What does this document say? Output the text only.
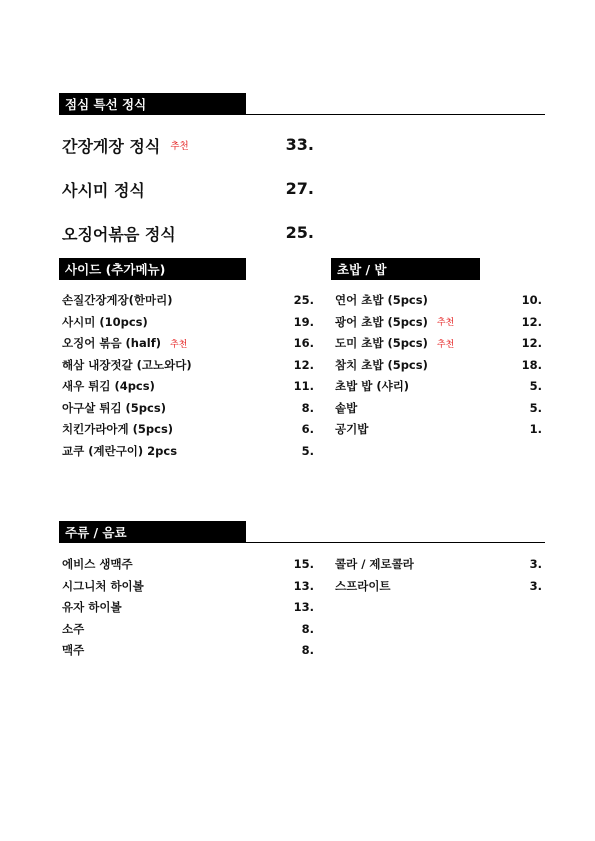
점심 특선 정식
간장게장 정식 추천	33.
사시미 정식	27.
오징어볶음 정식	25.
사이드 (추가메뉴)
손질간장게장(한마리)	25.
사시미 (10pcs)	19.
오징어 볶음 (half) 추천	16.
해삼 내장젓갈 (고노와다)	12.
새우 튀김 (4pcs)	11.
아구살 튀김 (5pcs)	8.
치킨가라아게 (5pcs)	6.
교쿠 (계란구이) 2pcs	5.
초밥 / 밥
연어 초밥 (5pcs)	10.
광어 초밥 (5pcs) 추천	12.
도미 초밥 (5pcs) 추천	12.
참치 초밥 (5pcs)	18.
초밥 밥 (샤리)	5.
솥밥	5.
공기밥	1.
주류 / 음료
에비스 생맥주	15.
시그니처 하이볼	13.
유자 하이볼	13.
소주	8.
맥주	8.
콜라 / 제로콜라	3.
스프라이트	3.
